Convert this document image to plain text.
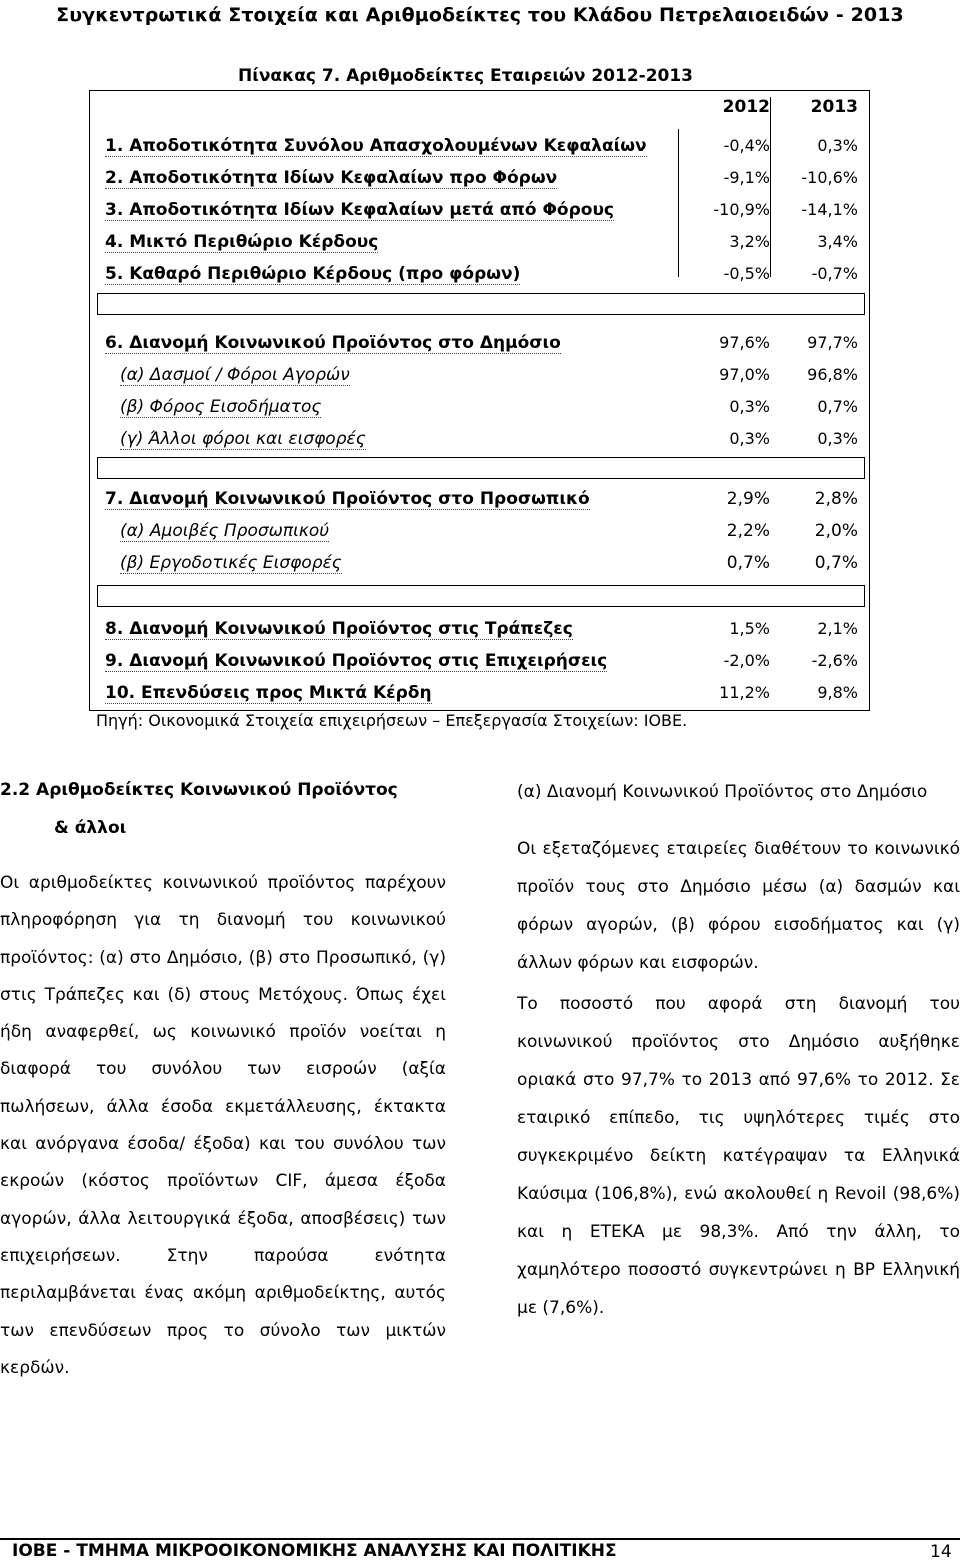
Συγκεντρωτικά Στοιχεία και Αριθμοδείκτες του Κλάδου Πετρελαιοειδών - 2013
Πίνακας 7. Αριθμοδείκτες Εταιρειών 2012-2013
2012	2013
1. Αποδοτικότητα Συνόλου Απασχολουμένων Κεφαλαίων	-0,4%	0,3%
2. Αποδοτικότητα Ιδίων Κεφαλαίων προ Φόρων	-9,1%	-10,6%
3. Αποδοτικότητα Ιδίων Κεφαλαίων μετά από Φόρους	-10,9%	-14,1%
4. Μικτό Περιθώριο Κέρδους	3,2%	3,4%
5. Καθαρό Περιθώριο Κέρδους (προ φόρων)	-0,5%	-0,7%
6. Διανομή Κοινωνικού Προϊόντος στο Δημόσιο	97,6%	97,7%
(α) Δασμοί / Φόροι Αγορών	97,0%	96,8%
(β) Φόρος Εισοδήματος	0,3%	0,7%
(γ) Άλλοι φόροι και εισφορές	0,3%	0,3%
7. Διανομή Κοινωνικού Προϊόντος στο Προσωπικό	2,9%	2,8%
(α) Αμοιβές Προσωπικού	2,2%	2,0%
(β) Εργοδοτικές Εισφορές	0,7%	0,7%
8. Διανομή Κοινωνικού Προϊόντος στις Τράπεζες	1,5%	2,1%
9. Διανομή Κοινωνικού Προϊόντος στις Επιχειρήσεις	-2,0%	-2,6%
10. Επενδύσεις προς Μικτά Κέρδη	11,2%	9,8%
Πηγή: Οικονομικά Στοιχεία επιχειρήσεων – Επεξεργασία Στοιχείων: ΙΟΒΕ.
2.2 Αριθμοδείκτες Κοινωνικού Προϊόντος
& άλλοι

Οι αριθμοδείκτες κοινωνικού προϊόντος παρέχουν πληροφόρηση για τη διανομή του κοινωνικού προϊόντος: (α) στο Δημόσιο, (β) στο Προσωπικό, (γ) στις Τράπεζες και (δ) στους Μετόχους. Όπως έχει ήδη αναφερθεί, ως κοινωνικό προϊόν νοείται η διαφορά του συνόλου των εισροών (αξία πωλήσεων, άλλα έσοδα εκμετάλλευσης, έκτακτα και ανόργανα έσοδα/ έξοδα) και του συνόλου των εκροών (κόστος προϊόντων CIF, άμεσα έξοδα αγορών, άλλα λειτουργικά έξοδα, αποσβέσεις) των επιχειρήσεων. Στην παρούσα ενότητα περιλαμβάνεται ένας ακόμη αριθμοδείκτης, αυτός των επενδύσεων προς το σύνολο των μικτών κερδών.

(α) Διανομή Κοινωνικού Προϊόντος στο Δημόσιο

Οι εξεταζόμενες εταιρείες διαθέτουν το κοινωνικό προϊόν τους στο Δημόσιο μέσω (α) δασμών και φόρων αγορών, (β) φόρου εισοδήματος και (γ) άλλων φόρων και εισφορών.

Το ποσοστό που αφορά στη διανομή του κοινωνικού προϊόντος στο Δημόσιο αυξήθηκε οριακά στο 97,7% το 2013 από 97,6% το 2012. Σε εταιρικό επίπεδο, τις υψηλότερες τιμές στο συγκεκριμένο δείκτη κατέγραψαν τα Ελληνικά Καύσιμα (106,8%), ενώ ακολουθεί η Revoil (98,6%) και η ΕΤΕΚΑ με 98,3%. Από την άλλη, το χαμηλότερο ποσοστό συγκεντρώνει η BP Ελληνική με (7,6%).

ΙΟΒΕ - ΤΜΗΜΑ ΜΙΚΡΟΟΙΚΟΝΟΜΙΚΗΣ ΑΝΑΛΥΣΗΣ ΚΑΙ ΠΟΛΙΤΙΚΗΣ	14
